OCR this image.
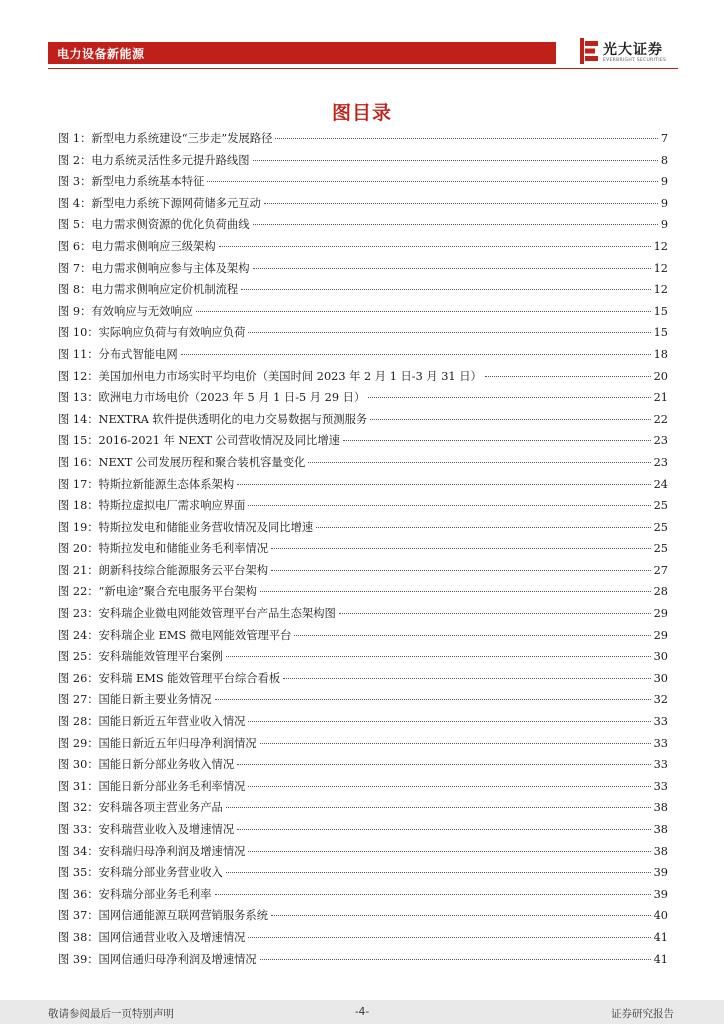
电力设备新能源	光大证券
EVERBRIGHT SECURITIES
图目录
图 1：新型电力系统建设“三步走”发展路径	7
图 2：电力系统灵活性多元提升路线图	8
图 3：新型电力系统基本特征	9
图 4：新型电力系统下源网荷储多元互动	9
图 5：电力需求侧资源的优化负荷曲线	9
图 6：电力需求侧响应三级架构	12
图 7：电力需求侧响应参与主体及架构	12
图 8：电力需求侧响应定价机制流程	12
图 9：有效响应与无效响应	15
图 10：实际响应负荷与有效响应负荷	15
图 11：分布式智能电网	18
图 12：美国加州电力市场实时平均电价（美国时间 2023 年 2 月 1 日-3 月 31 日）	20
图 13：欧洲电力市场电价（2023 年 5 月 1 日-5 月 29 日）	21
图 14：NEXTRA 软件提供透明化的电力交易数据与预测服务	22
图 15：2016-2021 年 NEXT 公司营收情况及同比增速	23
图 16：NEXT 公司发展历程和聚合装机容量变化	23
图 17：特斯拉新能源生态体系架构	24
图 18：特斯拉虚拟电厂需求响应界面	25
图 19：特斯拉发电和储能业务营收情况及同比增速	25
图 20：特斯拉发电和储能业务毛利率情况	25
图 21：朗新科技综合能源服务云平台架构	27
图 22：“新电途”聚合充电服务平台架构	28
图 23：安科瑞企业微电网能效管理平台产品生态架构图	29
图 24：安科瑞企业 EMS 微电网能效管理平台	29
图 25：安科瑞能效管理平台案例	30
图 26：安科瑞 EMS 能效管理平台综合看板	30
图 27：国能日新主要业务情况	32
图 28：国能日新近五年营业收入情况	33
图 29：国能日新近五年归母净利润情况	33
图 30：国能日新分部业务收入情况	33
图 31：国能日新分部业务毛利率情况	33
图 32：安科瑞各项主营业务产品	38
图 33：安科瑞营业收入及增速情况	38
图 34：安科瑞归母净利润及增速情况	38
图 35：安科瑞分部业务营业收入	39
图 36：安科瑞分部业务毛利率	39
图 37：国网信通能源互联网营销服务系统	40
图 38：国网信通营业收入及增速情况	41
图 39：国网信通归母净利润及增速情况	41
敬请参阅最后一页特别声明	-4-	证券研究报告
